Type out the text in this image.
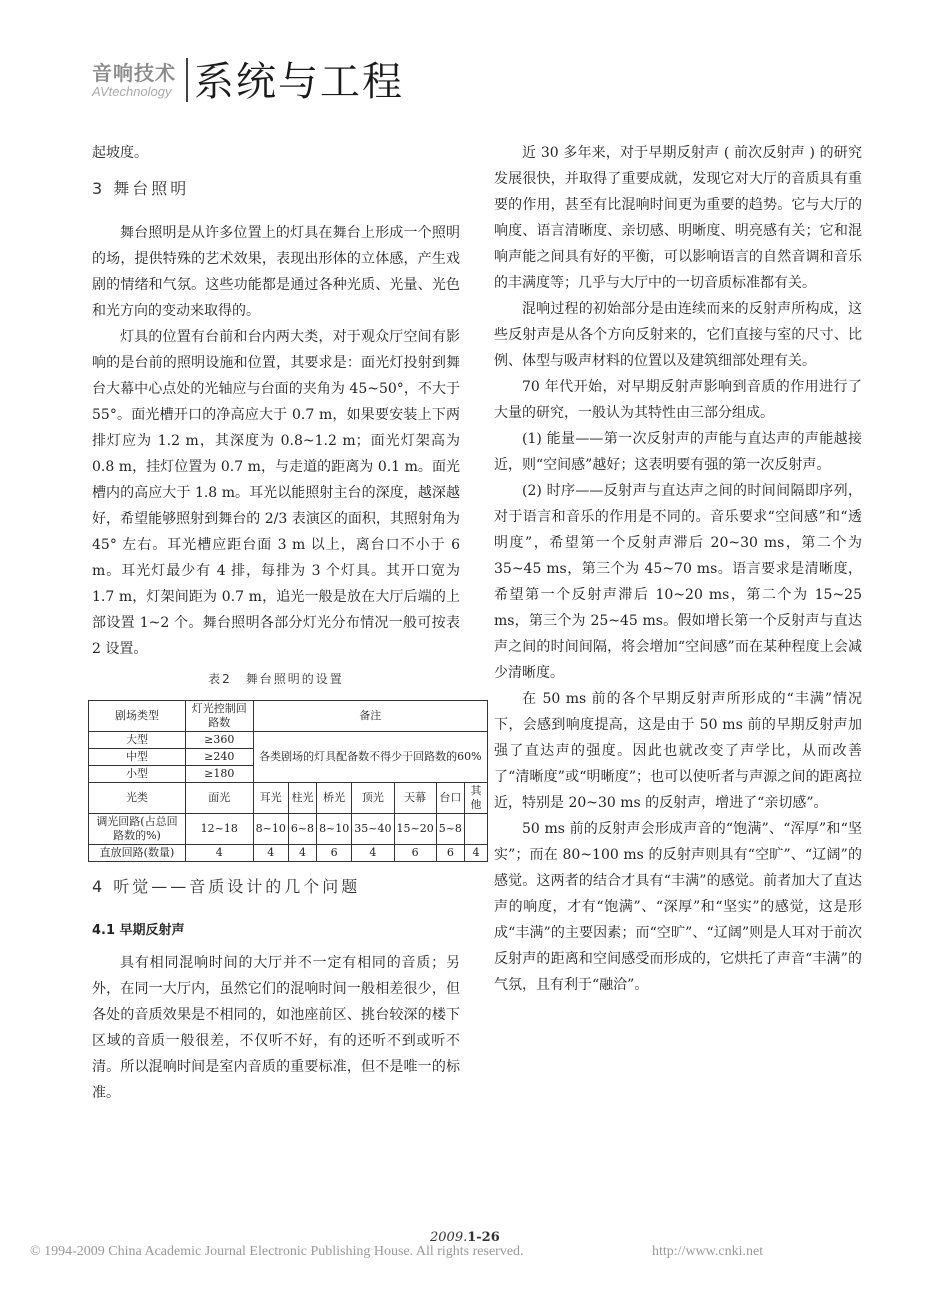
音响技术
AVtechnology 系统与工程

起坡度。

3 舞台照明

舞台照明是从许多位置上的灯具在舞台上形成一个照明的场，提供特殊的艺术效果，表现出形体的立体感，产生戏剧的情绪和气氛。这些功能都是通过各种光质、光量、光色和光方向的变动来取得的。

灯具的位置有台前和台内两大类，对于观众厅空间有影响的是台前的照明设施和位置，其要求是：面光灯投射到舞台大幕中心点处的光轴应与台面的夹角为 45~50°，不大于 55°。面光槽开口的净高应大于 0.7 m，如果要安装上下两排灯应为 1.2 m，其深度为 0.8~1.2 m；面光灯架高为 0.8 m，挂灯位置为 0.7 m，与走道的距离为 0.1 m。面光槽内的高应大于 1.8 m。耳光以能照射主台的深度，越深越好，希望能够照射到舞台的 2/3 表演区的面积，其照射角为 45° 左右。耳光槽应距台面 3 m 以上，离台口不小于 6 m。耳光灯最少有 4 排，每排为 3 个灯具。其开口宽为 1.7 m，灯架间距为 0.7 m，追光一般是放在大厅后端的上部设置 1~2 个。舞台照明各部分灯光分布情况一般可按表 2 设置。

表2　舞台照明的设置

剧场类型	灯光控制回路数	备注						
大型	≥360	各类剧场的灯具配备数不得少于回路数的60%						
中型	≥240							
小型	≥180							
光类	面光	耳光	柱光	桥光	顶光	天幕	台口	其他
调光回路(占总回路数的%)	12~18	8~10	6~8	8~10	35~40	15~20	5~8	
直放回路(数量)	4	4	4	6	4	6	6	4

4 听觉——音质设计的几个问题

4.1 早期反射声

具有相同混响时间的大厅并不一定有相同的音质；另外，在同一大厅内，虽然它们的混响时间一般相差很少，但各处的音质效果是不相同的，如池座前区、挑台较深的楼下区域的音质一般很差，不仅听不好，有的还听不到或听不清。所以混响时间是室内音质的重要标准，但不是唯一的标准。

近 30 多年来，对于早期反射声 ( 前次反射声 ) 的研究发展很快，并取得了重要成就，发现它对大厅的音质具有重要的作用，甚至有比混响时间更为重要的趋势。它与大厅的响度、语言清晰度、亲切感、明晰度、明亮感有关；它和混响声能之间具有好的平衡，可以影响语言的自然音调和音乐的丰满度等；几乎与大厅中的一切音质标准都有关。

混响过程的初始部分是由连续而来的反射声所构成，这些反射声是从各个方向反射来的，它们直接与室的尺寸、比例、体型与吸声材料的位置以及建筑细部处理有关。

70 年代开始，对早期反射声影响到音质的作用进行了大量的研究，一般认为其特性由三部分组成。

(1) 能量——第一次反射声的声能与直达声的声能越接近，则“空间感”越好；这表明要有强的第一次反射声。

(2) 时序——反射声与直达声之间的时间间隔即序列，对于语言和音乐的作用是不同的。音乐要求“空间感”和“透明度”，希望第一个反射声滞后 20~30 ms，第二个为 35~45 ms，第三个为 45~70 ms。语言要求是清晰度，希望第一个反射声滞后 10~20 ms，第二个为 15~25 ms，第三个为 25~45 ms。假如增长第一个反射声与直达声之间的时间间隔，将会增加“空间感”而在某种程度上会减少清晰度。

在 50 ms 前的各个早期反射声所形成的“丰满”情况下，会感到响度提高，这是由于 50 ms 前的早期反射声加强了直达声的强度。因此也就改变了声学比，从而改善了“清晰度”或“明晰度”；也可以使听者与声源之间的距离拉近，特别是 20~30 ms 的反射声，增进了“亲切感”。

50 ms 前的反射声会形成声音的“饱满”、“浑厚”和“坚实”；而在 80~100 ms 的反射声则具有“空旷”、“辽阔”的感觉。这两者的结合才具有“丰满”的感觉。前者加大了直达声的响度，才有“饱满”、“深厚”和“坚实”的感觉，这是形成“丰满”的主要因素；而“空旷”、“辽阔”则是人耳对于前次反射声的距离和空间感受而形成的，它烘托了声音“丰满”的气氛，且有利于“融洽”。

2009.1-26
© 1994-2009 China Academic Journal Electronic Publishing House. All rights reserved.	http://www.cnki.net
